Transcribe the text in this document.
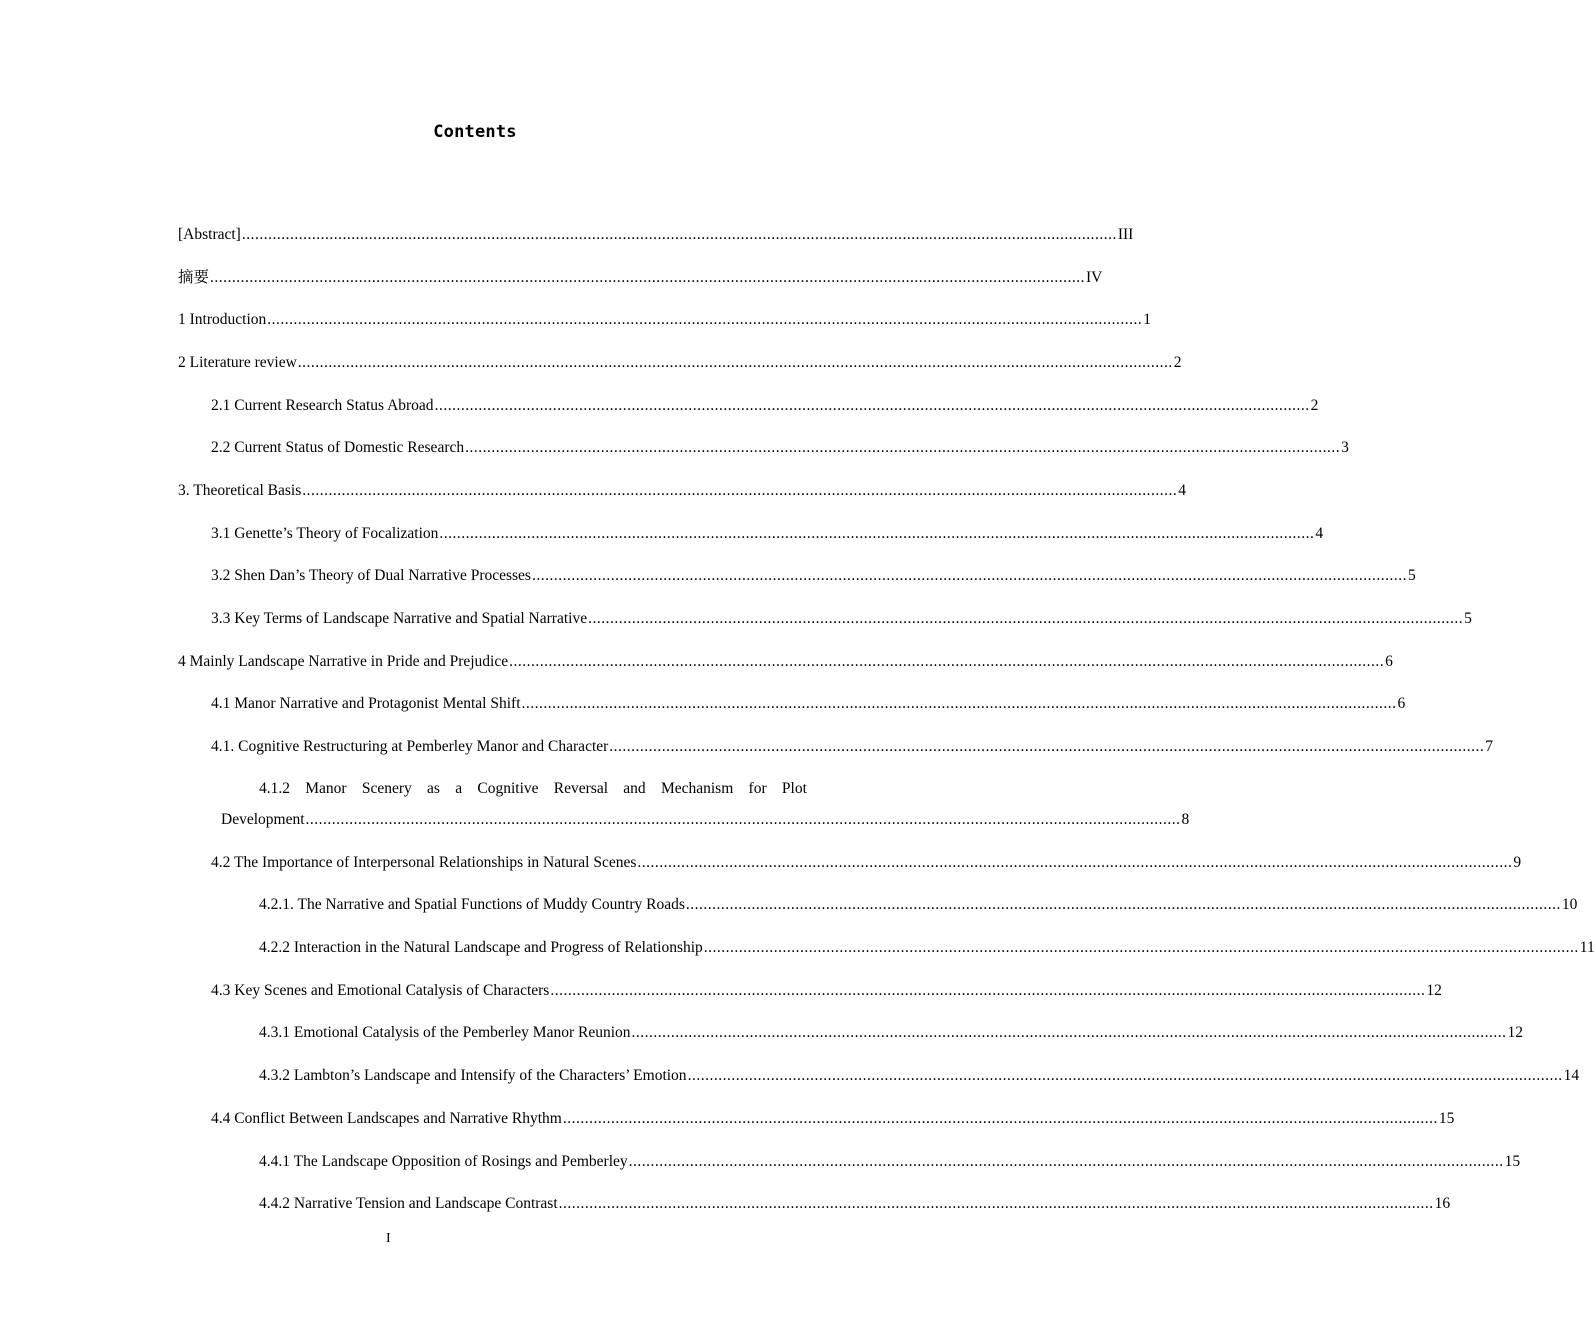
Contents
[Abstract] ........................................................................................................................................................................................................ III
摘要 ........................................................................................................................................................................................................ IV
1 Introduction ........................................................................................................................................................................................................ 1
2 Literature review ........................................................................................................................................................................................................ 2
2.1 Current Research Status Abroad ........................................................................................................................................................................................................ 2
2.2 Current Status of Domestic Research ........................................................................................................................................................................................................ 3
3. Theoretical Basis ........................................................................................................................................................................................................ 4
3.1 Genette’s Theory of Focalization ........................................................................................................................................................................................................ 4
3.2 Shen Dan’s Theory of Dual Narrative Processes ........................................................................................................................................................................................................ 5
3.3 Key Terms of Landscape Narrative and Spatial Narrative ........................................................................................................................................................................................................ 5
4 Mainly Landscape Narrative in Pride and Prejudice ........................................................................................................................................................................................................ 6
4.1 Manor Narrative and Protagonist Mental Shift ........................................................................................................................................................................................................ 6
4.1. Cognitive Restructuring at Pemberley Manor and Character ........................................................................................................................................................................................................ 7
4.1.2 Manor Scenery as a Cognitive Reversal and Mechanism for Plot
Development ........................................................................................................................................................................................................ 8
4.2 The Importance of Interpersonal Relationships in Natural Scenes ........................................................................................................................................................................................................ 9
4.2.1. The Narrative and Spatial Functions of Muddy Country Roads ........................................................................................................................................................................................................ 10
4.2.2 Interaction in the Natural Landscape and Progress of Relationship ........................................................................................................................................................................................................ 11
4.3 Key Scenes and Emotional Catalysis of Characters ........................................................................................................................................................................................................ 12
4.3.1 Emotional Catalysis of the Pemberley Manor Reunion ........................................................................................................................................................................................................ 12
4.3.2 Lambton’s Landscape and Intensify of the Characters’ Emotion ........................................................................................................................................................................................................ 14
4.4 Conflict Between Landscapes and Narrative Rhythm ........................................................................................................................................................................................................ 15
4.4.1 The Landscape Opposition of Rosings and Pemberley ........................................................................................................................................................................................................ 15
4.4.2 Narrative Tension and Landscape Contrast ........................................................................................................................................................................................................ 16
I
